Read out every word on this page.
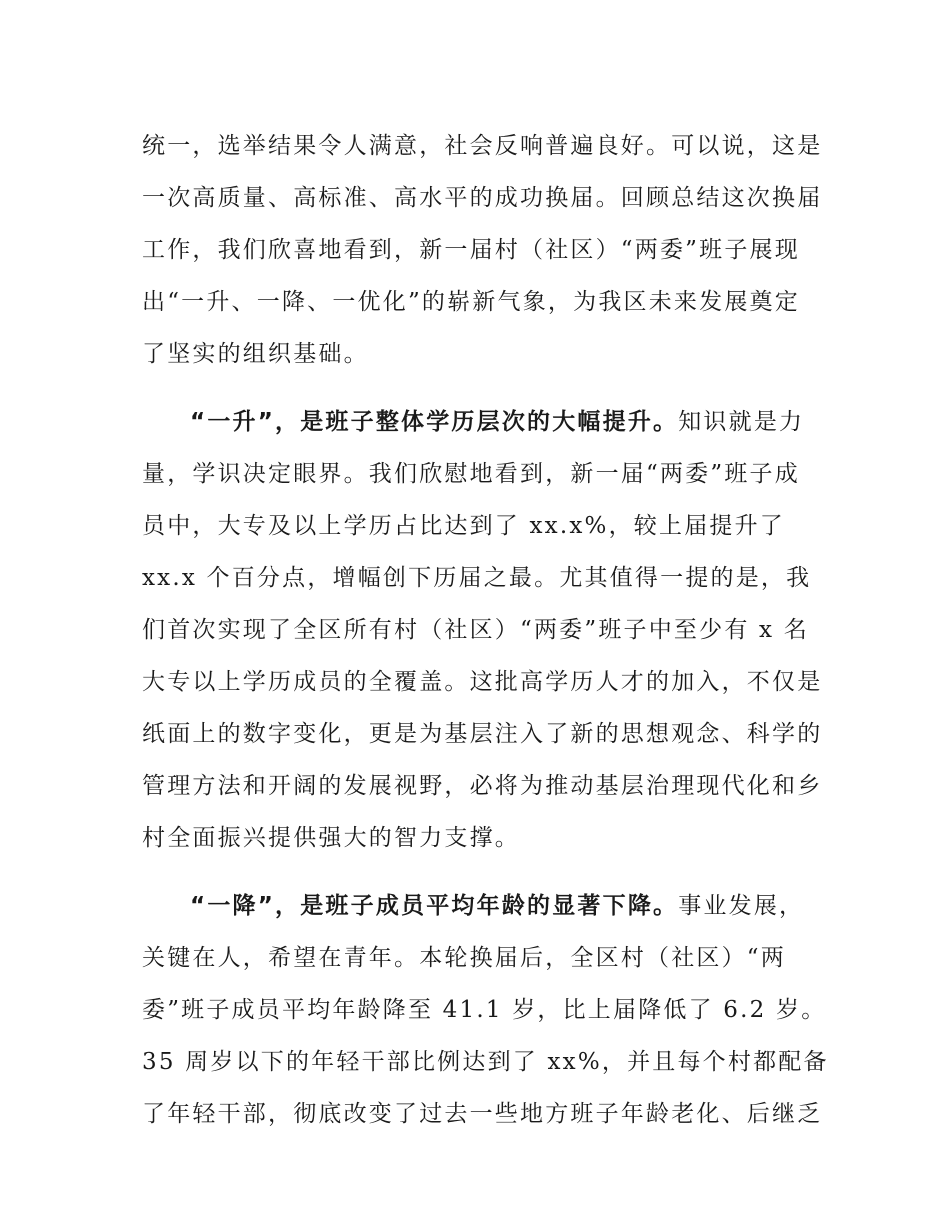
统一，选举结果令人满意，社会反响普遍良好。可以说，这是
一次高质量、高标准、高水平的成功换届。回顾总结这次换届
工作，我们欣喜地看到，新一届村（社区）“两委”班子展现
出“一升、一降、一优化”的崭新气象，为我区未来发展奠定
了坚实的组织基础。
“一升”，是班子整体学历层次的大幅提升。知识就是力
量，学识决定眼界。我们欣慰地看到，新一届“两委”班子成
员中，大专及以上学历占比达到了 xx.x%，较上届提升了
xx.x 个百分点，增幅创下历届之最。尤其值得一提的是，我
们首次实现了全区所有村（社区）“两委”班子中至少有 x 名
大专以上学历成员的全覆盖。这批高学历人才的加入，不仅是
纸面上的数字变化，更是为基层注入了新的思想观念、科学的
管理方法和开阔的发展视野，必将为推动基层治理现代化和乡
村全面振兴提供强大的智力支撑。
“一降”，是班子成员平均年龄的显著下降。事业发展，
关键在人，希望在青年。本轮换届后，全区村（社区）“两
委”班子成员平均年龄降至 41.1 岁，比上届降低了 6.2 岁。
35 周岁以下的年轻干部比例达到了 xx%，并且每个村都配备
了年轻干部，彻底改变了过去一些地方班子年龄老化、后继乏
